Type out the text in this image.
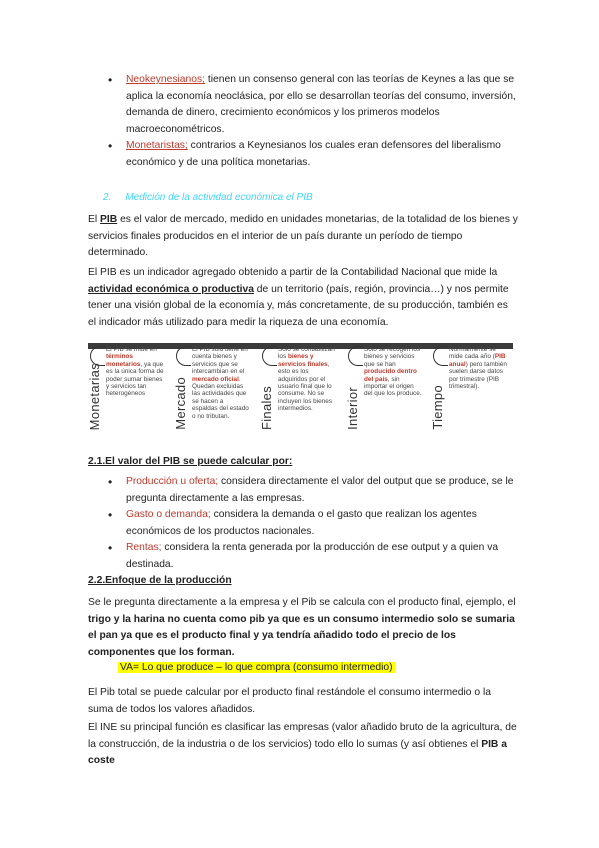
• Neokeynesianos; tienen un consenso general con las teorías de Keynes a las que se aplica la economía neoclásica, por ello se desarrollan teorías del consumo, inversión, demanda de dinero, crecimiento económicos y los primeros modelos macroeconométricos.
• Monetaristas; contrarios a Keynesianos los cuales eran defensores del liberalismo económico y de una política monetarias.
2. Medición de la actividad económica el PIB
El PIB es el valor de mercado, medido en unidades monetarias, de la totalidad de los bienes y servicios finales producidos en el interior de un país durante un período de tiempo determinado.
El PIB es un indicador agregado obtenido a partir de la Contabilidad Nacional que mide la actividad económica o productiva de un territorio (país, región, provincia…) y nos permite tener una visión global de la economía y, más concretamente, de su producción, también es el indicador más utilizado para medir la riqueza de una economía.
Monetarias
El PIB se mide en términos monetarios, ya que es la única forma de poder sumar bienes y servicios tan heterogéneos	Mercado
El PIB sólo tiene en cuenta bienes y servicios que se intercambian en el mercado oficial. Quedan excluidas las actividades que se hacen a espaldas del estado o no tributan.	Finales
Sólo se contabilizan los bienes y servicios finales, esto es los adquiridos por el usuario final que lo consume. No se incluyen los bienes intermedios.	Interior
Sólo se recogen los bienes y servicios que se han producido dentro del país, sin importar el origen del que los produce. Tiempo
Normalmente se mide cada año (PIB anual) pero también suelen darse datos por trimestre (PIB trimestral).
2.1.El valor del PIB se puede calcular por:
• Producción u oferta; considera directamente el valor del output que se produce, se le pregunta directamente a las empresas.
• Gasto o demanda; considera la demanda o el gasto que realizan los agentes económicos de los productos nacionales.
• Rentas; considera la renta generada por la producción de ese output y a quien va destinada.
2.2.Enfoque de la producción
Se le pregunta directamente a la empresa y el Pib se calcula con el producto final, ejemplo, el trigo y la harina no cuenta como pib ya que es un consumo intermedio solo se sumaria el pan ya que es el producto final y ya tendría añadido todo el precio de los componentes que los forman.
VA= Lo que produce – lo que compra (consumo intermedio)
El Pib total se puede calcular por el producto final restándole el consumo intermedio o la suma de todos los valores añadidos.
El INE su principal función es clasificar las empresas (valor añadido bruto de la agricultura, de la construcción, de la industria o de los servicios) todo ello lo sumas (y así obtienes el PIB a coste
